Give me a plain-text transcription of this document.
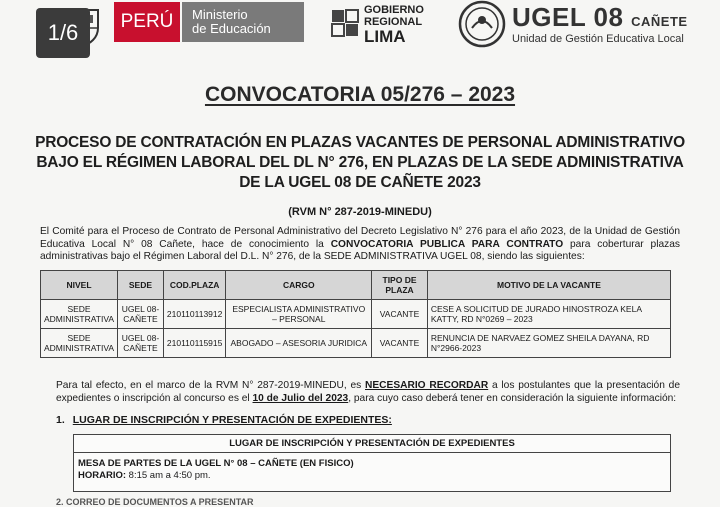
1/6	PERÚ	Ministerio
de Educación
GOBIERNO
REGIONAL
LIMA
UGEL 08 CAÑETE
Unidad de Gestión Educativa Local
CONVOCATORIA 05/276 – 2023
PROCESO DE CONTRATACIÓN EN PLAZAS VACANTES DE PERSONAL ADMINISTRATIVO BAJO EL RÉGIMEN LABORAL DEL DL N° 276, EN PLAZAS DE LA SEDE ADMINISTRATIVA DE LA UGEL 08 DE CAÑETE 2023
(RVM N° 287-2019-MINEDU)
El Comité para el Proceso de Contrato de Personal Administrativo del Decreto Legislativo N° 276 para el año 2023, de la Unidad de Gestión Educativa Local N° 08 Cañete, hace de conocimiento la CONVOCATORIA PUBLICA PARA CONTRATO para coberturar plazas administrativas bajo el Régimen Laboral del D.L. N° 276, de la SEDE ADMINISTRATIVA UGEL 08, siendo las siguientes:
NIVEL	SEDE	COD.PLAZA	CARGO	TIPO DE PLAZA	MOTIVO DE LA VACANTE
SEDE ADMINISTRATIVA	UGEL 08-CAÑETE	210110113912	ESPECIALISTA ADMINISTRATIVO – PERSONAL	VACANTE	CESE A SOLICITUD DE JURADO HINOSTROZA KELA KATTY, RD N°0269 – 2023
SEDE ADMINISTRATIVA	UGEL 08-CAÑETE	210110115915	ABOGADO – ASESORIA JURIDICA	VACANTE	RENUNCIA DE NARVAEZ GOMEZ SHEILA DAYANA, RD N°2966-2023
Para tal efecto, en el marco de la RVM N° 287-2019-MINEDU, es NECESARIO RECORDAR a los postulantes que la presentación de expedientes o inscripción al concurso es el 10 de Julio del 2023, para cuyo caso deberá tener en consideración la siguiente información:
1. LUGAR DE INSCRIPCIÓN Y PRESENTACIÓN DE EXPEDIENTES:
LUGAR DE INSCRIPCIÓN Y PRESENTACIÓN DE EXPEDIENTES
MESA DE PARTES DE LA UGEL N° 08 – CAÑETE (EN FISICO)
HORARIO: 8:15 am a 4:50 pm.
2. CORREO DE DOCUMENTOS A PRESENTAR
